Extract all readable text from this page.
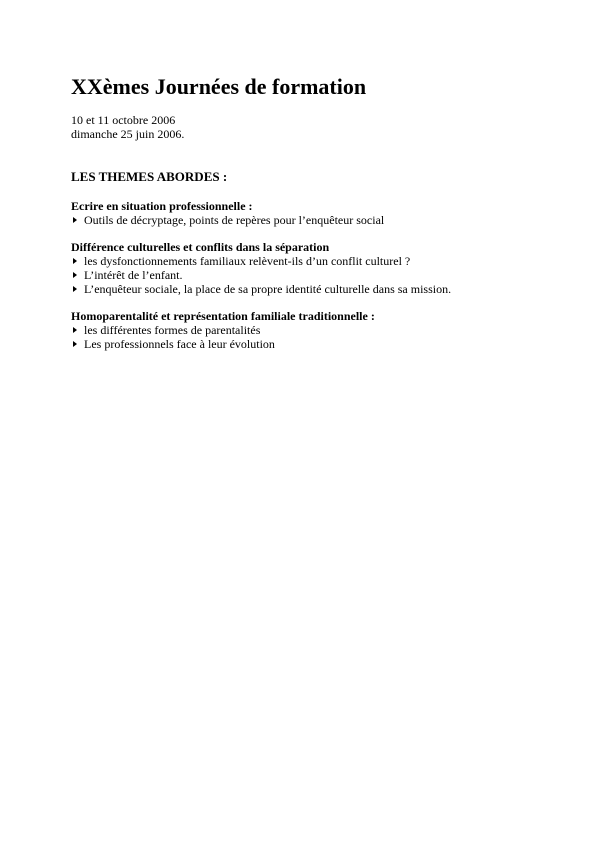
XXèmes Journées de formation
10 et 11 octobre 2006
dimanche 25 juin 2006.
LES THEMES ABORDES :
Ecrire en situation professionnelle :
Outils de décryptage, points de repères pour l’enquêteur social
Différence culturelles et conflits dans la séparation
les dysfonctionnements familiaux relèvent-ils d’un conflit culturel ?
L’intérêt de l’enfant.
L’enquêteur sociale, la place de sa propre identité culturelle dans sa mission.
Homoparentalité et représentation familiale traditionnelle :
les différentes formes de parentalités
Les professionnels face à leur évolution
